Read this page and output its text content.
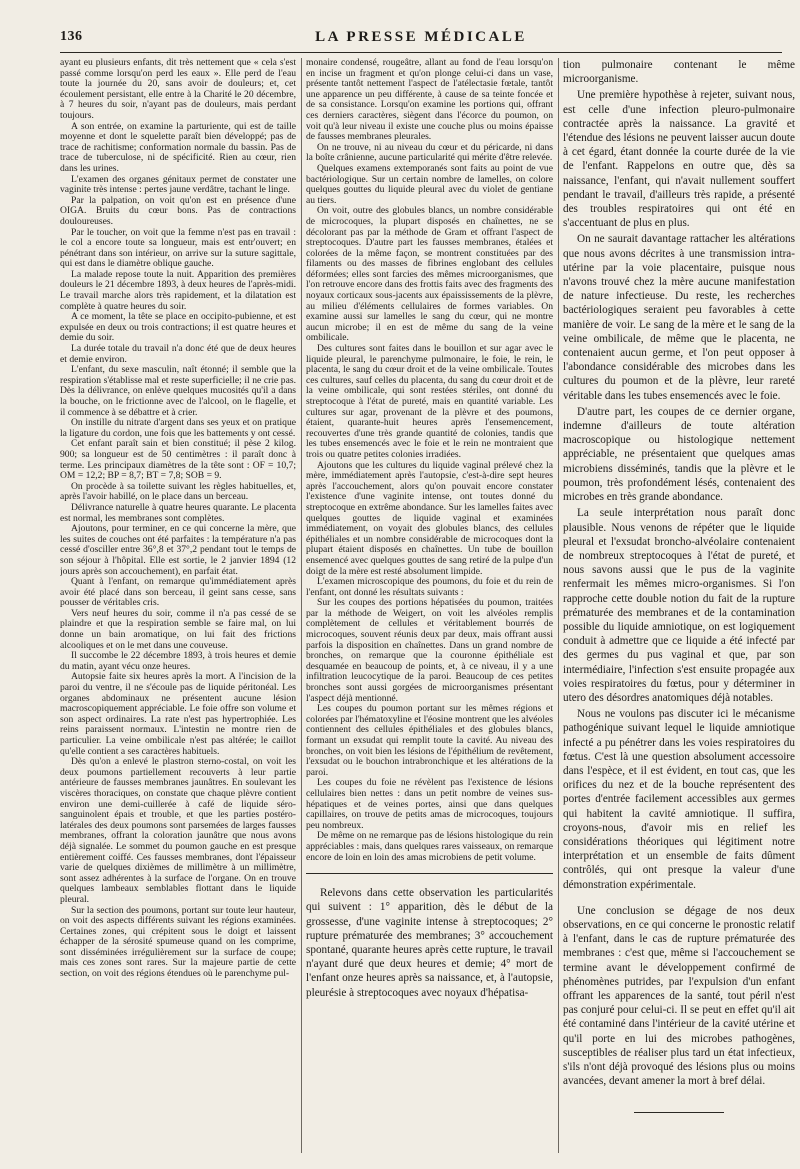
136	LA PRESSE MÉDICALE

ayant eu plusieurs enfants, dit très nettement que « cela s'est passé comme lorsqu'on perd les eaux ». Elle perd de l'eau toute la journée du 20, sans avoir de douleurs; et, cet écoulement persistant, elle entre à la Charité le 20 décembre, à 7 heures du soir, n'ayant pas de douleurs, mais perdant toujours.

A son entrée, on examine la parturiente, qui est de taille moyenne et dont le squelette paraît bien développé; pas de trace de rachitisme; conformation normale du bassin. Pas de trace de tuberculose, ni de spécificité. Rien au cœur, rien dans les urines.

L'examen des organes génitaux permet de constater une vaginite très intense : pertes jaune verdâtre, tachant le linge.

Par la palpation, on voit qu'on est en présence d'une OIGA. Bruits du cœur bons. Pas de contractions douloureuses.

Par le toucher, on voit que la femme n'est pas en travail : le col a encore toute sa longueur, mais est entr'ouvert; en pénétrant dans son intérieur, on arrive sur la suture sagittale, qui est dans le diamètre oblique gauche.

La malade repose toute la nuit. Apparition des premières douleurs le 21 décembre 1893, à deux heures de l'après-midi. Le travail marche alors très rapidement, et la dilatation est complète à quatre heures du soir.

A ce moment, la tête se place en occipito-pubienne, et est expulsée en deux ou trois contractions; il est quatre heures et demie du soir.

La durée totale du travail n'a donc été que de deux heures et demie environ.

L'enfant, du sexe masculin, naît étonné; il semble que la respiration s'établisse mal et reste superficielle; il ne crie pas. Dès la délivrance, on enlève quelques mucosités qu'il a dans la bouche, on le frictionne avec de l'alcool, on le flagelle, et il commence à se débattre et à crier.

On instille du nitrate d'argent dans ses yeux et on pratique la ligature du cordon, une fois que les battements y ont cessé.

Cet enfant paraît sain et bien constitué; il pèse 2 kilog. 900; sa longueur est de 50 centimètres : il paraît donc à terme. Les principaux diamètres de la tête sont : OF = 10,7; OM = 12,2; BP = 8,7; BT = 7,8; SOB = 9.

On procède à sa toilette suivant les règles habituelles, et, après l'avoir habillé, on le place dans un berceau.

Délivrance naturelle à quatre heures quarante. Le placenta est normal, les membranes sont complètes.

Ajoutons, pour terminer, en ce qui concerne la mère, que les suites de couches ont été parfaites : la température n'a pas cessé d'osciller entre 36°,8 et 37°,2 pendant tout le temps de son séjour à l'hôpital. Elle est sortie, le 2 janvier 1894 (12 jours après son accouchement), en parfait état.

Quant à l'enfant, on remarque qu'immédiatement après avoir été placé dans son berceau, il geint sans cesse, sans pousser de véritables cris.

Vers neuf heures du soir, comme il n'a pas cessé de se plaindre et que la respiration semble se faire mal, on lui donne un bain aromatique, on lui fait des frictions alcooliques et on le met dans une couveuse.

Il succombe le 22 décembre 1893, à trois heures et demie du matin, ayant vécu onze heures.

Autopsie faite six heures après la mort. A l'incision de la paroi du ventre, il ne s'écoule pas de liquide péritonéal. Les organes abdominaux ne présentent aucune lésion macroscopiquement appréciable. Le foie offre son volume et son aspect ordinaires. La rate n'est pas hypertrophiée. Les reins paraissent normaux. L'intestin ne montre rien de particulier. La veine ombilicale n'est pas altérée; le caillot qu'elle contient a ses caractères habituels.

Dès qu'on a enlevé le plastron sterno-costal, on voit les deux poumons partiellement recouverts à leur partie antérieure de fausses membranes jaunâtres. En soulevant les viscères thoraciques, on constate que chaque plèvre contient environ une demi-cuillerée à café de liquide séro-sanguinolent épais et trouble, et que les parties postéro-latérales des deux poumons sont parsemées de larges fausses membranes, offrant la coloration jaunâtre que nous avons déjà signalée. Le sommet du poumon gauche en est presque entièrement coiffé. Ces fausses membranes, dont l'épaisseur varie de quelques dixièmes de millimètre à un millimètre, sont assez adhérentes à la surface de l'organe. On en trouve quelques lambeaux semblables flottant dans le liquide pleural.

Sur la section des poumons, portant sur toute leur hauteur, on voit des aspects différents suivant les régions examinées. Certaines zones, qui crépitent sous le doigt et laissent échapper de la sérosité spumeuse quand on les comprime, sont disséminées irrégulièrement sur la surface de coupe; mais ces zones sont rares. Sur la majeure partie de cette section, on voit des régions étendues où le parenchyme pul-

monaire condensé, rougeâtre, allant au fond de l'eau lorsqu'on en incise un fragment et qu'on plonge celui-ci dans un vase, présente tantôt nettement l'aspect de l'atélectasie fœtale, tantôt une apparence un peu différente, à cause de sa teinte foncée et de sa consistance. Lorsqu'on examine les portions qui, offrant ces derniers caractères, siègent dans l'écorce du poumon, on voit qu'à leur niveau il existe une couche plus ou moins épaisse de fausses membranes pleurales.

On ne trouve, ni au niveau du cœur et du péricarde, ni dans la boîte crânienne, aucune particularité qui mérite d'être relevée.

Quelques examens extemporanés sont faits au point de vue bactériologique. Sur un certain nombre de lamelles, on colore quelques gouttes du liquide pleural avec du violet de gentiane au tiers.

On voit, outre des globules blancs, un nombre considérable de microcoques, la plupart disposés en chaînettes, ne se décolorant pas par la méthode de Gram et offrant l'aspect de streptocoques. D'autre part les fausses membranes, étalées et colorées de la même façon, se montrent constituées par des filaments ou des masses de fibrines englobant des cellules déformées; elles sont farcies des mêmes microorganismes, que l'on retrouve encore dans des frottis faits avec des fragments des noyaux corticaux sous-jacents aux épaississements de la plèvre, au milieu d'éléments cellulaires de formes variables. On examine aussi sur lamelles le sang du cœur, qui ne montre aucun microbe; il en est de même du sang de la veine ombilicale.

Des cultures sont faites dans le bouillon et sur agar avec le liquide pleural, le parenchyme pulmonaire, le foie, le rein, le placenta, le sang du cœur droit et de la veine ombilicale. Toutes ces cultures, sauf celles du placenta, du sang du cœur droit et de la veine ombilicale, qui sont restées stériles, ont donné du streptocoque à l'état de pureté, mais en quantité variable. Les cultures sur agar, provenant de la plèvre et des poumons, étaient, quarante-huit heures après l'ensemencement, recouvertes d'une très grande quantité de colonies, tandis que les tubes ensemencés avec le foie et le rein ne montraient que trois ou quatre petites colonies irradiées.

Ajoutons que les cultures du liquide vaginal prélevé chez la mère, immédiatement après l'autopsie, c'est-à-dire sept heures après l'accouchement, alors qu'on pouvait encore constater l'existence d'une vaginite intense, ont toutes donné du streptocoque en extrême abondance. Sur les lamelles faites avec quelques gouttes de liquide vaginal et examinées immédiatement, on voyait des globules blancs, des cellules épithéliales et un nombre considérable de microcoques dont la plupart étaient disposés en chaînettes. Un tube de bouillon ensemencé avec quelques gouttes de sang retiré de la pulpe d'un doigt de la mère est resté absolument limpide.

L'examen microscopique des poumons, du foie et du rein de l'enfant, ont donné les résultats suivants :

Sur les coupes des portions hépatisées du poumon, traitées par la méthode de Weigert, on voit les alvéoles remplis complètement de cellules et véritablement bourrés de microcoques, souvent réunis deux par deux, mais offrant aussi parfois la disposition en chaînettes. Dans un grand nombre de bronches, on remarque que la couronne épithéliale est desquamée en beaucoup de points, et, à ce niveau, il y a une infiltration leucocytique de la paroi. Beaucoup de ces petites bronches sont aussi gorgées de microorganismes présentant l'aspect déjà mentionné.

Les coupes du poumon portant sur les mêmes régions et colorées par l'hématoxyline et l'éosine montrent que les alvéoles contiennent des cellules épithéliales et des globules blancs, formant un exsudat qui remplit toute la cavité. Au niveau des bronches, on voit bien les lésions de l'épithélium de revêtement, l'exsudat ou le bouchon intrabronchique et les altérations de la paroi.

Les coupes du foie ne révèlent pas l'existence de lésions cellulaires bien nettes : dans un petit nombre de veines sus-hépatiques et de veines portes, ainsi que dans quelques capillaires, on trouve de petits amas de microcoques, toujours peu nombreux.

De même on ne remarque pas de lésions histologique du rein appréciables : mais, dans quelques rares vaisseaux, on remarque encore de loin en loin des amas microbiens de petit volume.

Relevons dans cette observation les particularités qui suivent : 1° apparition, dès le début de la grossesse, d'une vaginite intense à streptocoques; 2° rupture prématurée des membranes; 3° accouchement spontané, quarante heures après cette rupture, le travail n'ayant duré que deux heures et demie; 4° mort de l'enfant onze heures après sa naissance, et, à l'autopsie, pleurésie à streptocoques avec noyaux d'hépatisa-

tion pulmonaire contenant le même microorganisme.

Une première hypothèse à rejeter, suivant nous, est celle d'une infection pleuro-pulmonaire contractée après la naissance. La gravité et l'étendue des lésions ne peuvent laisser aucun doute à cet égard, étant donnée la courte durée de la vie de l'enfant. Rappelons en outre que, dès sa naissance, l'enfant, qui n'avait nullement souffert pendant le travail, d'ailleurs très rapide, a présenté des troubles respiratoires qui ont été en s'accentuant de plus en plus.

On ne saurait davantage rattacher les altérations que nous avons décrites à une transmission intra-utérine par la voie placentaire, puisque nous n'avons trouvé chez la mère aucune manifestation de nature infectieuse. Du reste, les recherches bactériologiques seraient peu favorables à cette manière de voir. Le sang de la mère et le sang de la veine ombilicale, de même que le placenta, ne contenaient aucun germe, et l'on peut opposer à l'abondance considérable des microbes dans les cultures du poumon et de la plèvre, leur rareté véritable dans les tubes ensemencés avec le foie.

D'autre part, les coupes de ce dernier organe, indemne d'ailleurs de toute altération macroscopique ou histologique nettement appréciable, ne présentaient que quelques amas microbiens disséminés, tandis que la plèvre et le poumon, très profondément lésés, contenaient des microbes en très grande abondance.

La seule interprétation nous paraît donc plausible. Nous venons de répéter que le liquide pleural et l'exsudat broncho-alvéolaire contenaient de nombreux streptocoques à l'état de pureté, et nous savons aussi que le pus de la vaginite renfermait les mêmes micro-organismes. Si l'on rapproche cette double notion du fait de la rupture prématurée des membranes et de la contamination possible du liquide amniotique, on est logiquement conduit à admettre que ce liquide a été infecté par des germes du pus vaginal et que, par son intermédiaire, l'infection s'est ensuite propagée aux voies respiratoires du fœtus, pour y déterminer in utero des désordres anatomiques déjà notables.

Nous ne voulons pas discuter ici le mécanisme pathogénique suivant lequel le liquide amniotique infecté a pu pénétrer dans les voies respiratoires du fœtus. C'est là une question absolument accessoire dans l'espèce, et il est évident, en tout cas, que les orifices du nez et de la bouche représentent des portes d'entrée facilement accessibles aux germes qui habitent la cavité amniotique. Il suffira, croyons-nous, d'avoir mis en relief les considérations théoriques qui légitiment notre interprétation et un ensemble de faits dûment contrôlés, qui ont presque la valeur d'une démonstration expérimentale.

Une conclusion se dégage de nos deux observations, en ce qui concerne le pronostic relatif à l'enfant, dans le cas de rupture prématurée des membranes : c'est que, même si l'accouchement se termine avant le développement confirmé de phénomènes putrides, par l'expulsion d'un enfant offrant les apparences de la santé, tout péril n'est pas conjuré pour celui-ci. Il se peut en effet qu'il ait été contaminé dans l'intérieur de la cavité utérine et qu'il porte en lui des microbes pathogènes, susceptibles de réaliser plus tard un état infectieux, s'ils n'ont déjà provoqué des lésions plus ou moins avancées, devant amener la mort à bref délai.
